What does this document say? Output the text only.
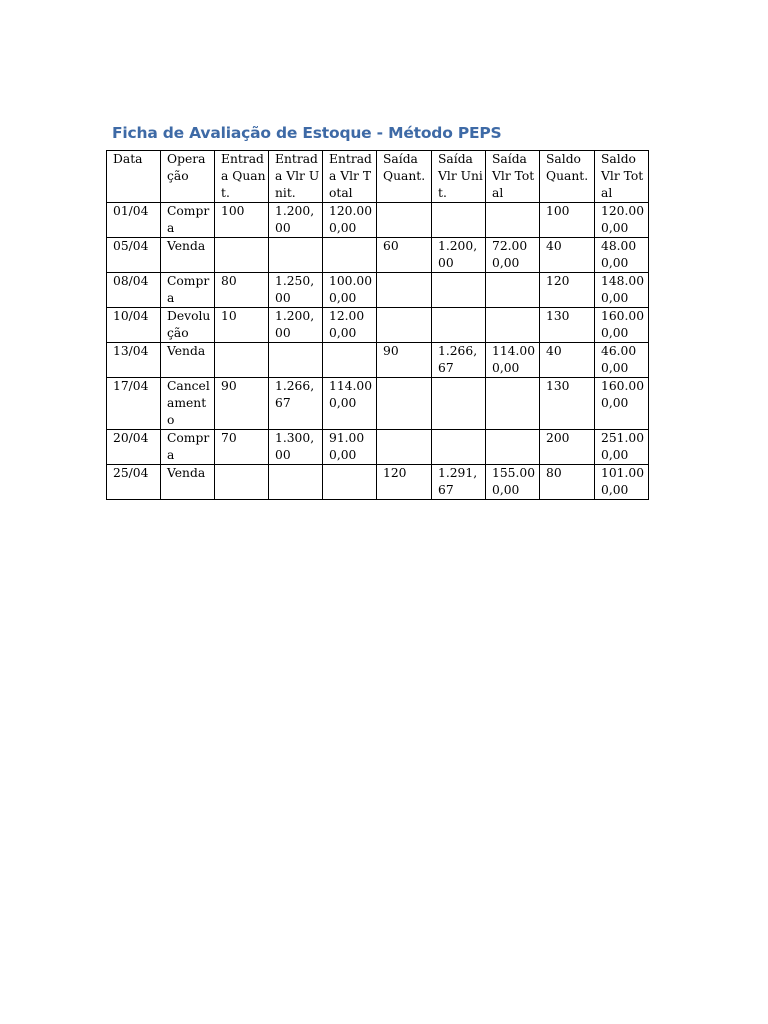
Ficha de Avaliação de Estoque - Método PEPS
Data	Operação	Entrada Quant.	Entrada Vlr Unit.	Entrada Vlr Total	Saída Quant.	Saída Vlr Unit.	Saída Vlr Total	Saldo Quant.	Saldo Vlr Total
01/04	Compra	100	1.200,00	120.000,00				100	120.000,00
05/04	Venda				60	1.200,00	72.000,00	40	48.000,00
08/04	Compra	80	1.250,00	100.000,00				120	148.000,00
10/04	Devolução	10	1.200,00	12.000,00				130	160.000,00
13/04	Venda				90	1.266,67	114.000,00	40	46.000,00
17/04	Cancelamento	90	1.266,67	114.000,00				130	160.000,00
20/04	Compra	70	1.300,00	91.000,00				200	251.000,00
25/04	Venda				120	1.291,67	155.000,00	80	101.000,00
